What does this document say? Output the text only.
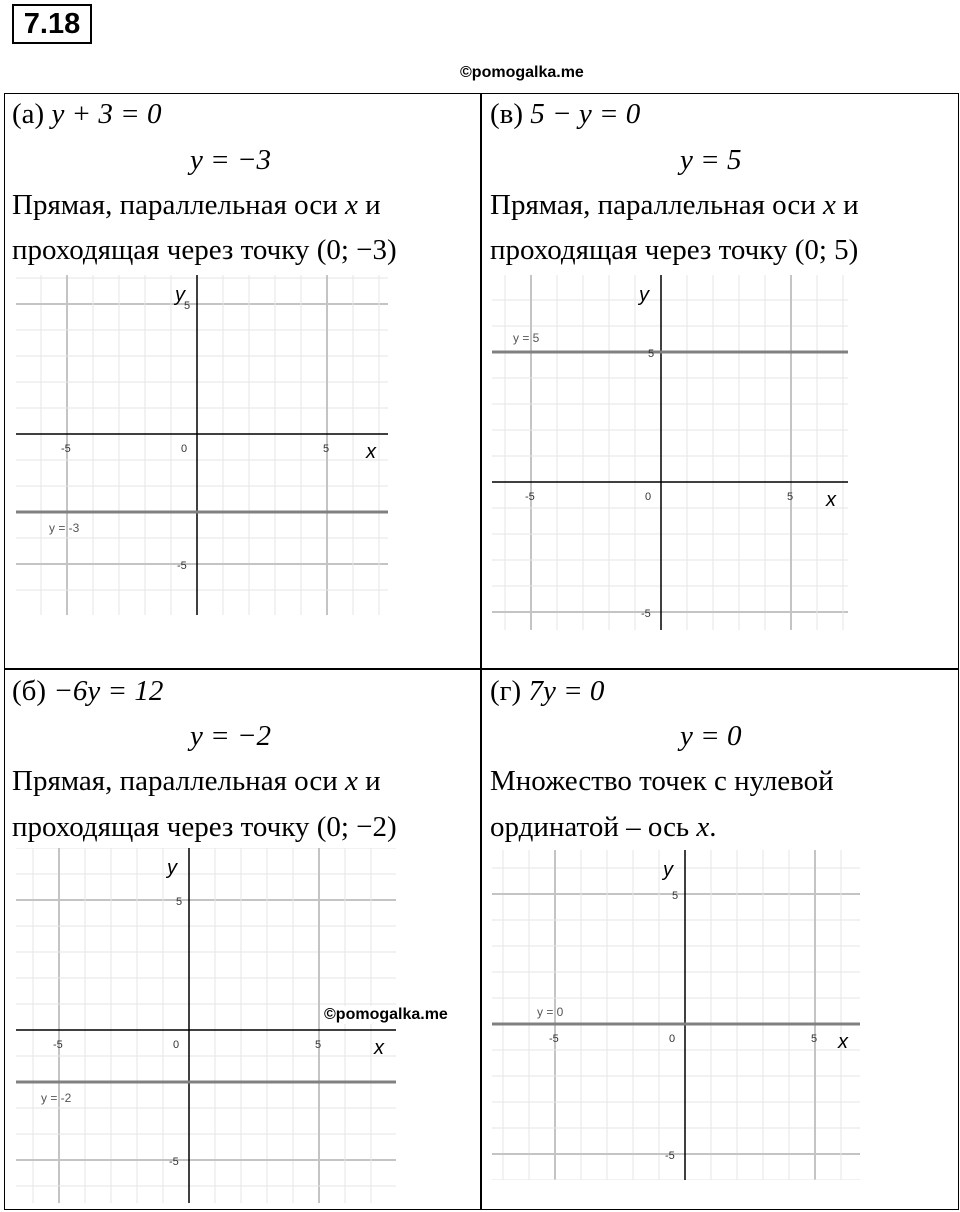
7.18
©pomogalka.me
(а) y + 3 = 0
y = −3
Прямая, параллельная оси x и
проходящая через точку (0; −3)
-5	0	5
5
-5
x
y
y = -3
(в) 5 − y = 0
y = 5
Прямая, параллельная оси x и
проходящая через точку (0; 5)
-5	0	5
5
-5
x
y
y = 5
(б) −6y = 12
y = −2
Прямая, параллельная оси x и
проходящая через точку (0; −2)
-5	0	5
5
-5
x
y
y = -2
(г) 7y = 0
y = 0
Множество точек с нулевой
ординатой – ось x.
-5	0	5
5
-5
x
y
y = 0
©pomogalka.me
